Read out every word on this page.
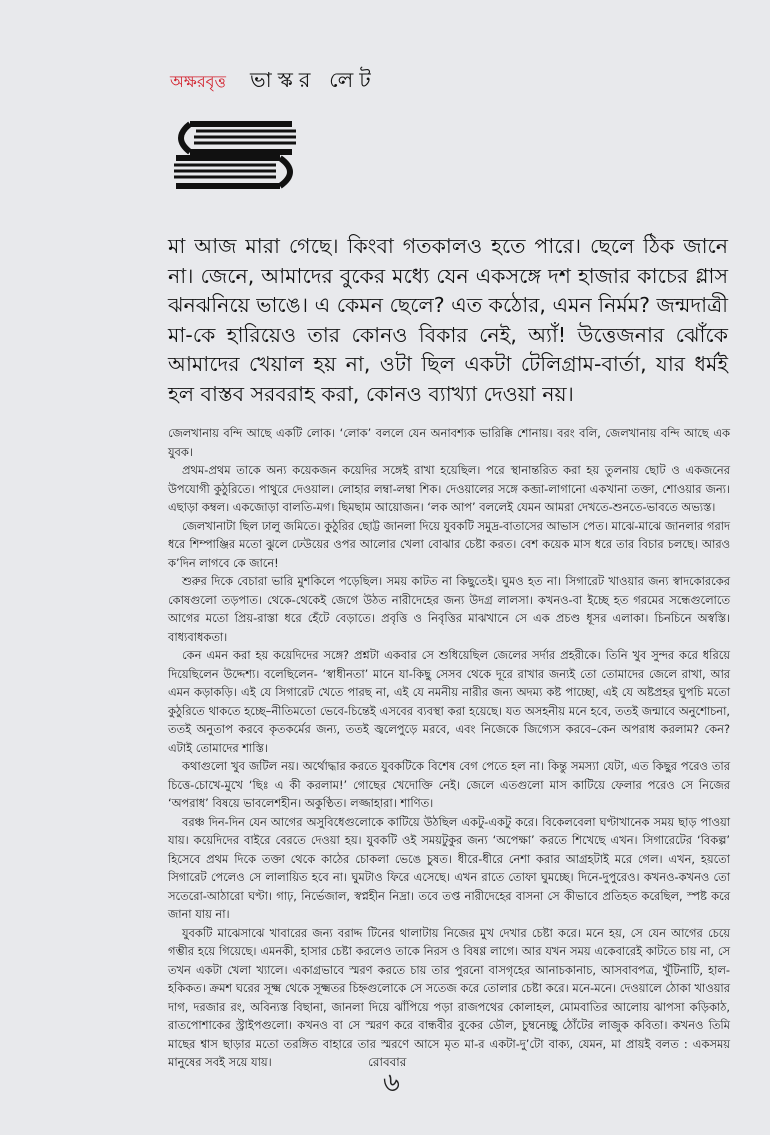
অক্ষরবৃত্ত ভাস্কর লেট

মা আজ মারা গেছে। কিংবা গতকালও হতে পারে। ছেলে ঠিক জানে না। জেনে, আমাদের বুকের মধ্যে যেন একসঙ্গে দশ হাজার কাচের গ্লাস ঝনঝনিয়ে ভাঙে। এ কেমন ছেলে? এত কঠোর, এমন নির্মম? জন্মদাত্রী মা-কে হারিয়েও তার কোনও বিকার নেই, অ্যাঁ! উত্তেজনার ঝোঁকে আমাদের খেয়াল হয় না, ওটা ছিল একটা টেলিগ্রাম-বার্তা, যার ধর্মই হল বাস্তব সরবরাহ করা, কোনও ব্যাখ্যা দেওয়া নয়।

জেলখানায় বন্দি আছে একটি লোক। ‘লোক’ বললে যেন অনাবশ্যক ভারিক্কি শোনায়। বরং বলি, জেলখানায় বন্দি আছে এক যুবক।

প্রথম-প্রথম তাকে অন্য কয়েকজন কয়েদির সঙ্গেই রাখা হয়েছিল। পরে স্থানান্তরিত করা হয় তুলনায় ছোট ও একজনের উপযোগী কুঠুরিতে। পাথুরে দেওয়াল। লোহার লম্বা-লম্বা শিক। দেওয়ালের সঙ্গে কব্জা-লাগানো একখানা তক্তা, শোওয়ার জন্য। এছাড়া কম্বল। একজোড়া বালতি-মগ। ছিমছাম আয়োজন। ‘লক আপ’ বললেই যেমন আমরা দেখতে-শুনতে-ভাবতে অভ্যস্ত।

জেলখানাটা ছিল ঢালু জমিতে। কুঠুরির ছোট্ট জানলা দিয়ে যুবকটি সমুদ্র-বাতাসের আভাস পেত। মাঝে-মাঝে জানলার গরাদ ধরে শিম্পাঞ্জির মতো ঝুলে ঢেউয়ের ওপর আলোর খেলা বোঝার চেষ্টা করত। বেশ কয়েক মাস ধরে তার বিচার চলছে। আরও ক’দিন লাগবে কে জানে!

শুরুর দিকে বেচারা ভারি মুশকিলে পড়েছিল। সময় কাটত না কিছুতেই। ঘুমও হত না। সিগারেট খাওয়ার জন্য স্বাদকোরকের কোষগুলো তড়পাত। থেকে-থেকেই জেগে উঠত নারীদেহের জন্য উদগ্র লালসা। কখনও-বা ইচ্ছে হত গরমের সন্ধেগুলোতে আগের মতো প্রিয়-রাস্তা ধরে হেঁটে বেড়াতে। প্রবৃত্তি ও নিবৃত্তির মাঝখানে সে এক প্রচণ্ড ধূসর এলাকা। চিনচিনে অস্বস্তি। বাধ্যবাধকতা।

কেন এমন করা হয় কয়েদিদের সঙ্গে? প্রশ্নটা একবার সে শুধিয়েছিল জেলের সর্দার প্রহরীকে। তিনি খুব সুন্দর করে ধরিয়ে দিয়েছিলেন উদ্দেশ্য। বলেছিলেন- ‘স্বাধীনতা’ মানে যা-কিছু সেসব থেকে দূরে রাখার জন্যই তো তোমাদের জেলে রাখা, আর এমন কড়াকড়ি। এই যে সিগারেট খেতে পারছ না, এই যে নমনীয় নারীর জন্য অদম্য কষ্ট পাচ্ছো, এই যে অষ্টপ্রহর ঘুপচি মতো কুঠুরিতে থাকতে হচ্ছে–নীতিমতো ভেবে-চিন্তেই এসবের ব্যবস্থা করা হয়েছে। যত অসহনীয় মনে হবে, ততই জন্মাবে অনুশোচনা, ততই অনুতাপ করবে কৃতকর্মের জন্য, ততই জ্বলেপুড়ে মরবে, এবং নিজেকে জিগ্যেস করবে–কেন অপরাধ করলাম? কেন? এটাই তোমাদের শাস্তি।

কথাগুলো খুব জটিল নয়। অর্থোদ্ধার করতে যুবকটিকে বিশেষ বেগ পেতে হল না। কিন্তু সমস্যা যেটা, এত কিছুর পরেও তার চিত্তে-চোখে-মুখে ‘ছিঃ এ কী করলাম!’ গোছের খেদোক্তি নেই। জেলে এতগুলো মাস কাটিয়ে ফেলার পরেও সে নিজের ‘অপরাধ’ বিষয়ে ভাবলেশহীন। অকুণ্ঠিত। লজ্জাহারা। শাণিত।

বরঞ্চ দিন-দিন যেন আগের অসুবিধেগুলোকে কাটিয়ে উঠছিল একটু-একটু করে। বিকেলবেলা ঘণ্টাখানেক সময় ছাড় পাওয়া যায়। কয়েদিদের বাইরে বেরতে দেওয়া হয়। যুবকটি ওই সময়টুকুর জন্য ‘অপেক্ষা’ করতে শিখেছে এখন। সিগারেটের ‘বিকল্প’ হিসেবে প্রথম দিকে তক্তা থেকে কাঠের চোকলা ভেঙে চুষত। ধীরে-ধীরে নেশা করার আগ্রহটাই মরে গেল। এখন, হয়তো সিগারেট পেলেও সে লালায়িত হবে না। ঘুমটাও ফিরে এসেছে। এখন রাতে তোফা ঘুমচ্ছে। দিনে-দুপুরেও। কখনও-কখনও তো সতেরো-আঠারো ঘণ্টা। গাঢ়, নির্ভেজাল, স্বপ্নহীন নিদ্রা। তবে তপ্ত নারীদেহের বাসনা সে কীভাবে প্রতিহত করেছিল, স্পষ্ট করে জানা যায় না।

যুবকটি মাঝেসাঝে খাবারের জন্য বরাদ্দ টিনের থালাটায় নিজের মুখ দেখার চেষ্টা করে। মনে হয়, সে যেন আগের চেয়ে গম্ভীর হয়ে গিয়েছে। এমনকী, হাসার চেষ্টা করলেও তাকে নিরস ও বিষণ্ণ লাগে। আর যখন সময় একেবারেই কাটতে চায় না, সে তখন একটা খেলা খ্যালে। একাগ্রভাবে স্মরণ করতে চায় তার পুরনো বাসগৃহের আনাচকানাচ, আসবাবপত্র, খুঁটিনাটি, হাল-হকিকত। ক্রমশ ঘরের সূক্ষ্ম থেকে সূক্ষ্মতর চিহ্নগুলোকে সে সতেজ করে তোলার চেষ্টা করে। মনে-মনে। দেওয়ালে ঠোকা খাওয়ার দাগ, দরজার রং, অবিন্যস্ত বিছানা, জানলা দিয়ে ঝাঁপিয়ে পড়া রাজপথের কোলাহল, মোমবাতির আলোয় ঝাপসা কড়িকাঠ, রাতপোশাকের স্ট্রাইপগুলো। কখনও বা সে স্মরণ করে বান্ধবীর বুকের ডৌল, চুম্বনেচ্ছু ঠোঁটের লাজুক কবিতা। কখনও তিমি মাছের শ্বাস ছাড়ার মতো তরঙ্গিত বাহারে তার স্মরণে আসে মৃত মা-র একটা-দু’টো বাক্য, যেমন, মা প্রায়ই বলত : একসময় মানুষের সবই সয়ে যায়।	রোববার
৬
